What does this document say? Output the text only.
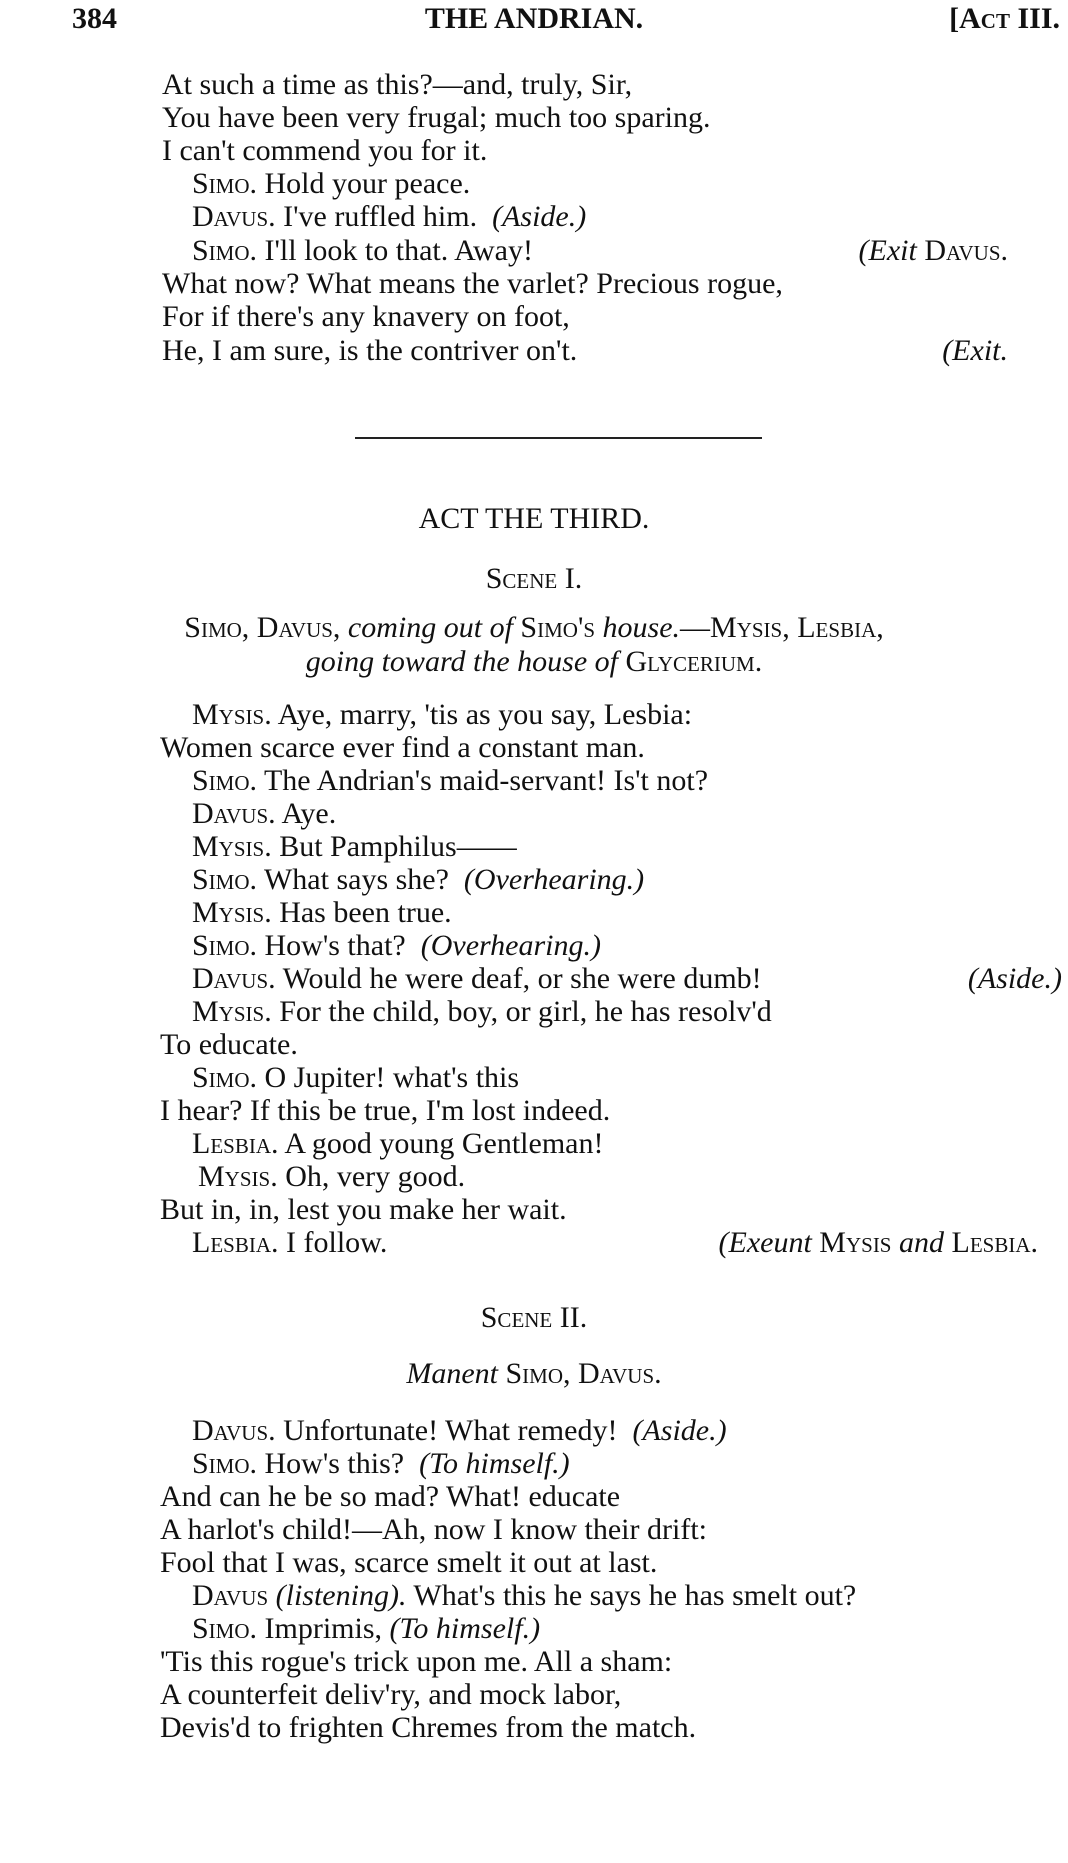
384	THE ANDRIAN.	[Act III.
At such a time as this?—and, truly, Sir,
You have been very frugal; much too sparing.
I can't commend you for it.
Simo. Hold your peace.
Davus. I've ruffled him. (Aside.)
Simo. I'll look to that. Away!	(Exit Davus.
What now? What means the varlet? Precious rogue,
For if there's any knavery on foot,
He, I am sure, is the contriver on't.	(Exit.
ACT THE THIRD.
Scene I.
Simo, Davus, coming out of Simo's house.—Mysis, Lesbia,
going toward the house of Glycerium.
Mysis. Aye, marry, 'tis as you say, Lesbia:
Women scarce ever find a constant man.
Simo. The Andrian's maid-servant! Is't not?
Davus. Aye.
Mysis. But Pamphilus——
Simo. What says she? (Overhearing.)
Mysis. Has been true.
Simo. How's that? (Overhearing.)
Davus. Would he were deaf, or she were dumb!	(Aside.)
Mysis. For the child, boy, or girl, he has resolv'd
To educate.
Simo. O Jupiter! what's this
I hear? If this be true, I'm lost indeed.
Lesbia. A good young Gentleman!
Mysis. Oh, very good.
But in, in, lest you make her wait.
Lesbia. I follow.	(Exeunt Mysis and Lesbia.
Scene II.
Manent Simo, Davus.
Davus. Unfortunate! What remedy! (Aside.)
Simo. How's this? (To himself.)
And can he be so mad? What! educate
A harlot's child!—Ah, now I know their drift:
Fool that I was, scarce smelt it out at last.
Davus (listening). What's this he says he has smelt out?
Simo. Imprimis, (To himself.)
'Tis this rogue's trick upon me. All a sham:
A counterfeit deliv'ry, and mock labor,
Devis'd to frighten Chremes from the match.
